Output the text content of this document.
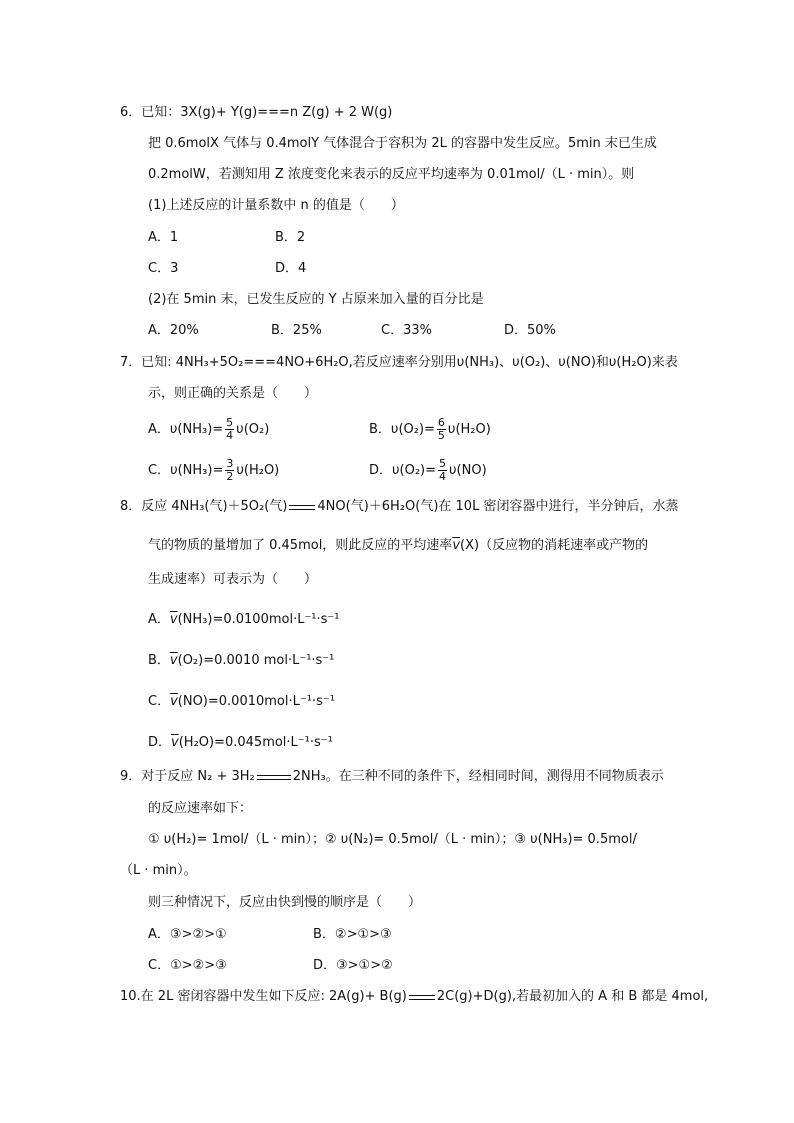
6．已知：3X(g)+ Y(g)===n Z(g) + 2 W(g)
把 0.6molX 气体与 0.4molY 气体混合于容积为 2L 的容器中发生反应。5min 末已生成
0.2molW，若测知用 Z 浓度变化来表示的反应平均速率为 0.01mol/（L · min）。则
(1)上述反应的计量系数中 n 的值是（　　）
A．1	B．2
C．3	D．4
(2)在 5min 末，已发生反应的 Y 占原来加入量的百分比是
A．20%	B．25%	C．33%	D．50%
7．已知: 4NH₃+5O₂===4NO+6H₂O,若反应速率分别用υ(NH₃)、υ(O₂)、υ(NO)和υ(H₂O)来表
示，则正确的关系是（　　）
A．$\upsilon(NH_3)= \frac{5}{4} \upsilon(O_2)$	B．$\upsilon(O_2)= \frac{6}{5} \upsilon(H_2O)$
C．$\upsilon(NH_3)= \frac{3}{2} \upsilon(H_2O)$	D．$\upsilon(O_2)= \frac{5}{4} \upsilon(NO)$
8．反应 4NH₃(气)＋5O₂(气) 4NO(气)＋6H₂O(气)在 10L 密闭容器中进行，半分钟后，水蒸
气的物质的量增加了 0.45mol，则此反应的平均速率$\overline{v}(X)$（反应物的消耗速率或产物的
生成速率）可表示为（　　）
A．$\overline{v}(NH_3)=0.0100mol\cdot L^{-1}\cdot s^{-1}$
B．$\overline{v}(O_2)=0.0010$ mol·L⁻¹·s⁻¹
C．$\overline{v}(NO)=0.0010mol\cdot L^{-1}\cdot s^{-1}$
D．$\overline{v}(H_2O)=0.045mol\cdot L^{-1}\cdot s^{-1}$
9．对于反应 N₂ + 3H₂	2NH₃。在三种不同的条件下，经相同时间，测得用不同物质表示
的反应速率如下：
① υ(H₂)= 1mol/（L · min）；② υ(N₂)= 0.5mol/（L · min）；③ υ(NH₃)= 0.5mol/
（L · min）。
则三种情况下，反应由快到慢的顺序是（　　）
A．③>②>①	B．②>①>③
C．①>②>③	D．③>①>②
10.在 2L 密闭容器中发生如下反应: 2A(g)+ B(g) 2C(g)+D(g),若最初加入的 A 和 B 都是 4mol,
